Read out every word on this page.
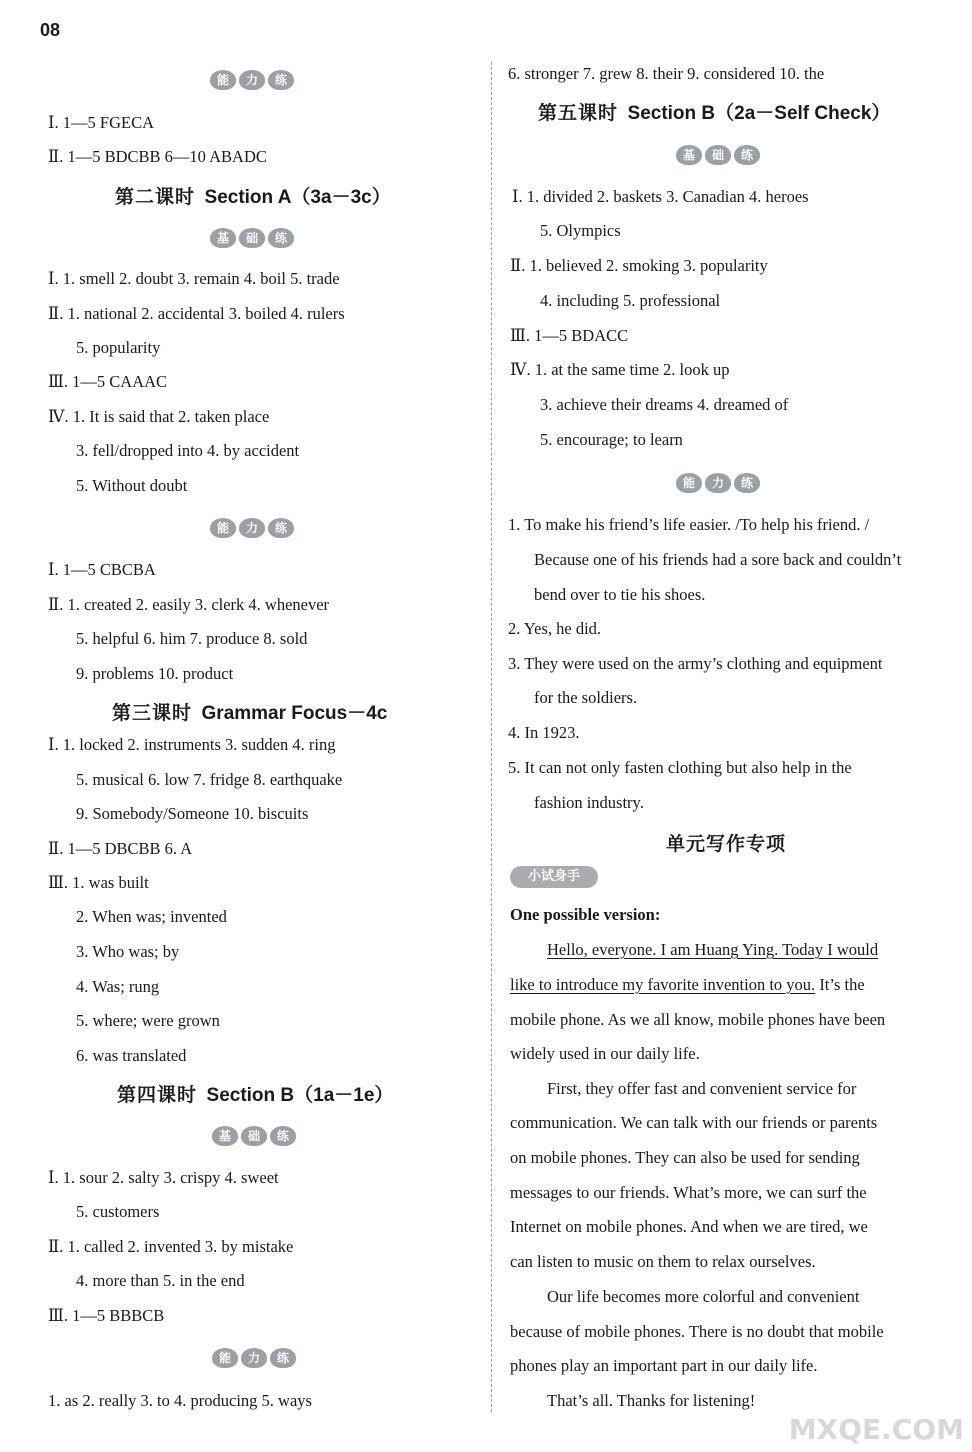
08
能	力	练
Ⅰ. 1—5 FGECA
Ⅱ. 1—5 BDCBB 6—10 ABADC
第二课时 Section A（3a－3c）
基	础	练
Ⅰ. 1. smell 2. doubt 3. remain 4. boil 5. trade
Ⅱ. 1. national 2. accidental 3. boiled 4. rulers
5. popularity
Ⅲ. 1—5 CAAAC
Ⅳ. 1. It is said that 2. taken place
3. fell/dropped into 4. by accident
5. Without doubt
能	力	练
Ⅰ. 1—5 CBCBA
Ⅱ. 1. created 2. easily 3. clerk 4. whenever
5. helpful 6. him 7. produce 8. sold
9. problems 10. product
第三课时 Grammar Focus－4c
Ⅰ. 1. locked 2. instruments 3. sudden 4. ring
5. musical 6. low 7. fridge 8. earthquake
9. Somebody/Someone 10. biscuits
Ⅱ. 1—5 DBCBB 6. A
Ⅲ. 1. was built
2. When was; invented
3. Who was; by
4. Was; rung
5. where; were grown
6. was translated
第四课时 Section B（1a－1e）
基	础	练
Ⅰ. 1. sour 2. salty 3. crispy 4. sweet
5. customers
Ⅱ. 1. called 2. invented 3. by mistake
4. more than 5. in the end
Ⅲ. 1—5 BBBCB
能	力	练
1. as 2. really 3. to 4. producing 5. ways
6. stronger 7. grew 8. their 9. considered 10. the
第五课时 Section B（2a－Self Check）
基	础	练
Ⅰ. 1. divided 2. baskets 3. Canadian 4. heroes
5. Olympics
Ⅱ. 1. believed 2. smoking 3. popularity
4. including 5. professional
Ⅲ. 1—5 BDACC
Ⅳ. 1. at the same time 2. look up
3. achieve their dreams 4. dreamed of
5. encourage; to learn
能	力	练
1. To make his friend’s life easier. /To help his friend. /
Because one of his friends had a sore back and couldn’t
bend over to tie his shoes.
2. Yes, he did.
3. They were used on the army’s clothing and equipment
for the soldiers.
4. In 1923.
5. It can not only fasten clothing but also help in the
fashion industry.
单元写作专项
小试身手
One possible version:
Hello, everyone. I am Huang Ying. Today I would
like to introduce my favorite invention to you. It’s the
mobile phone. As we all know, mobile phones have been
widely used in our daily life.
First, they offer fast and convenient service for
communication. We can talk with our friends or parents
on mobile phones. They can also be used for sending
messages to our friends. What’s more, we can surf the
Internet on mobile phones. And when we are tired, we
can listen to music on them to relax ourselves.
Our life becomes more colorful and convenient
because of mobile phones. There is no doubt that mobile
phones play an important part in our daily life.
That’s all. Thanks for listening!
MXQE.COM
